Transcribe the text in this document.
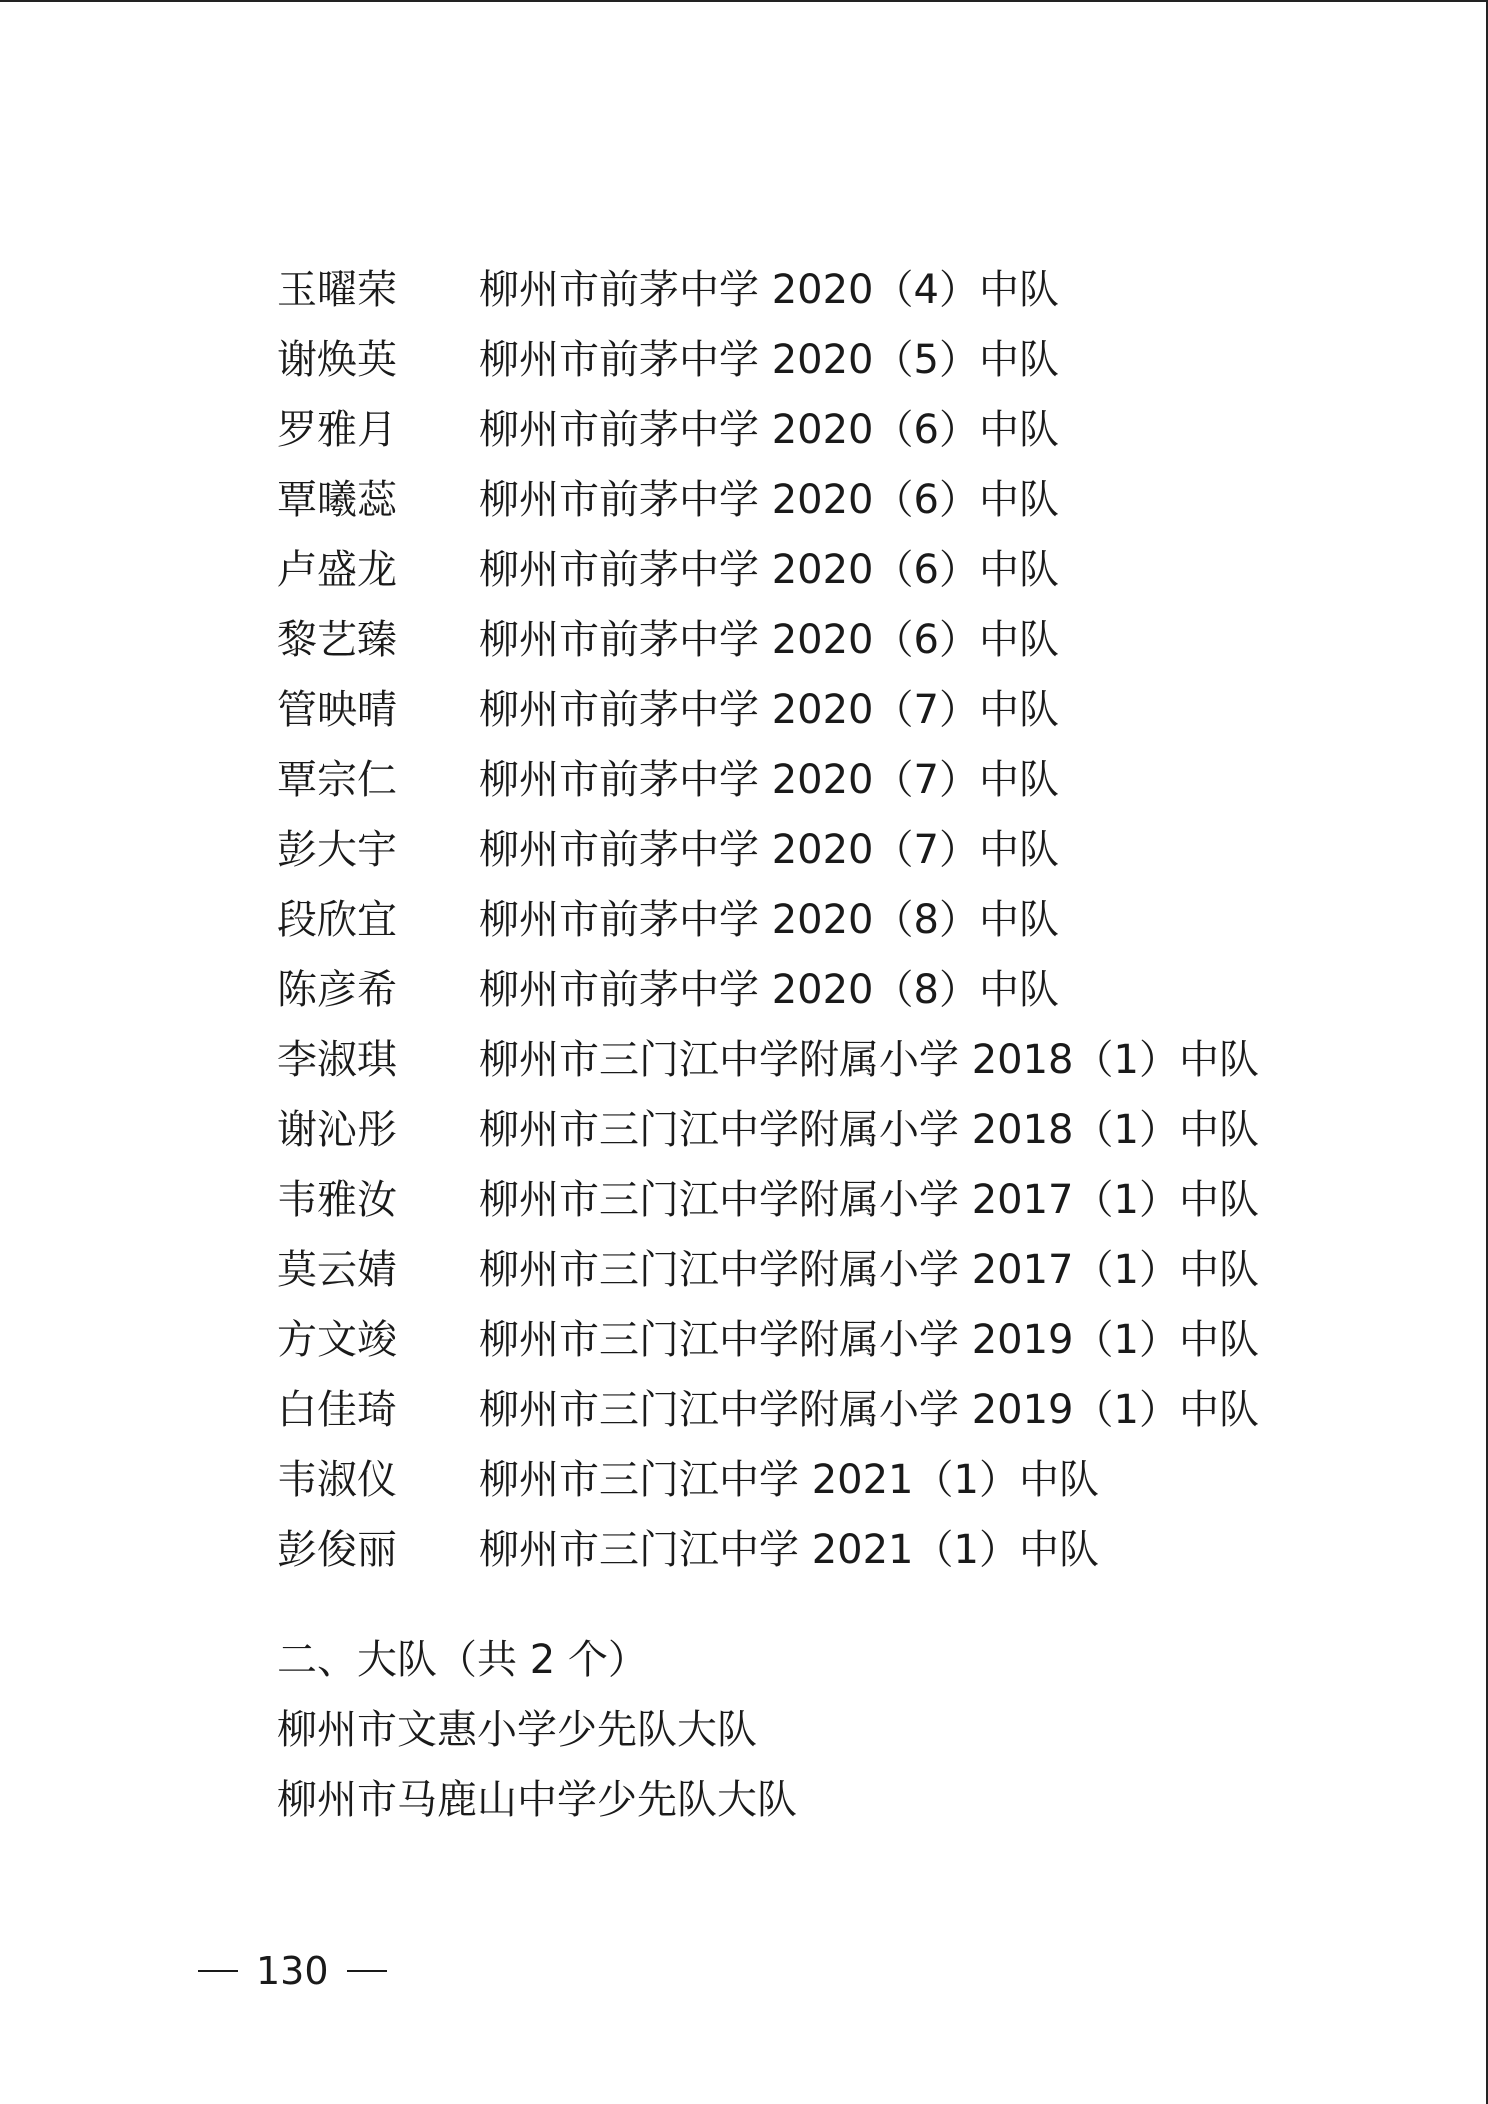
玉曜荣	柳州市前茅中学 2020（4）中队
谢焕英	柳州市前茅中学 2020（5）中队
罗雅月	柳州市前茅中学 2020（6）中队
覃曦蕊	柳州市前茅中学 2020（6）中队
卢盛龙	柳州市前茅中学 2020（6）中队
黎艺臻	柳州市前茅中学 2020（6）中队
管映晴	柳州市前茅中学 2020（7）中队
覃宗仁	柳州市前茅中学 2020（7）中队
彭大宇	柳州市前茅中学 2020（7）中队
段欣宜	柳州市前茅中学 2020（8）中队
陈彦希	柳州市前茅中学 2020（8）中队
李淑琪	柳州市三门江中学附属小学 2018（1）中队
谢沁彤	柳州市三门江中学附属小学 2018（1）中队
韦雅汝	柳州市三门江中学附属小学 2017（1）中队
莫云婧	柳州市三门江中学附属小学 2017（1）中队
方文竣	柳州市三门江中学附属小学 2019（1）中队
白佳琦	柳州市三门江中学附属小学 2019（1）中队
韦淑仪	柳州市三门江中学 2021（1）中队
彭俊丽	柳州市三门江中学 2021（1）中队
二、大队（共 2 个）
柳州市文惠小学少先队大队
柳州市马鹿山中学少先队大队
130
